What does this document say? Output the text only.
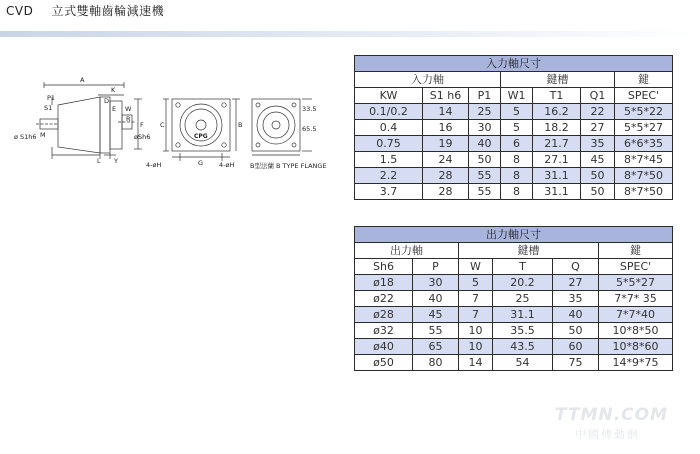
CVD 立式雙軸齒輪減速機
A
K
D
E
F
P1
S1
M
ø S1h6
L Y
W
R
øSh6
4-øH	4-øH
C
G
B
33.5
65.5
B型法蘭 B TYPE FLANGE
CPG
入力軸尺寸						
入力軸			鍵槽			鍵
KW	S1 h6	P1	W1	T1	Q1	SPEC'
0.1/0.2	14	25	5	16.2	22	5*5*22
0.4	16	30	5	18.2	27	5*5*27
0.75	19	40	6	21.7	35	6*6*35
1.5	24	50	8	27.1	45	8*7*45
2.2	28	55	8	31.1	50	8*7*50
3.7	28	55	8	31.1	50	8*7*50
出力軸尺寸					
出力軸		鍵槽			鍵
Sh6	P	W	T	Q	SPEC'
ø18	30	5	20.2	27	5*5*27
ø22	40	7	25	35	7*7* 35
ø28	45	7	31.1	40	7*7*40
ø32	55	10	35.5	50	10*8*50
ø40	65	10	43.5	60	10*8*60
ø50	80	14	54	75	14*9*75
TTMN.COM
中國傳動網
